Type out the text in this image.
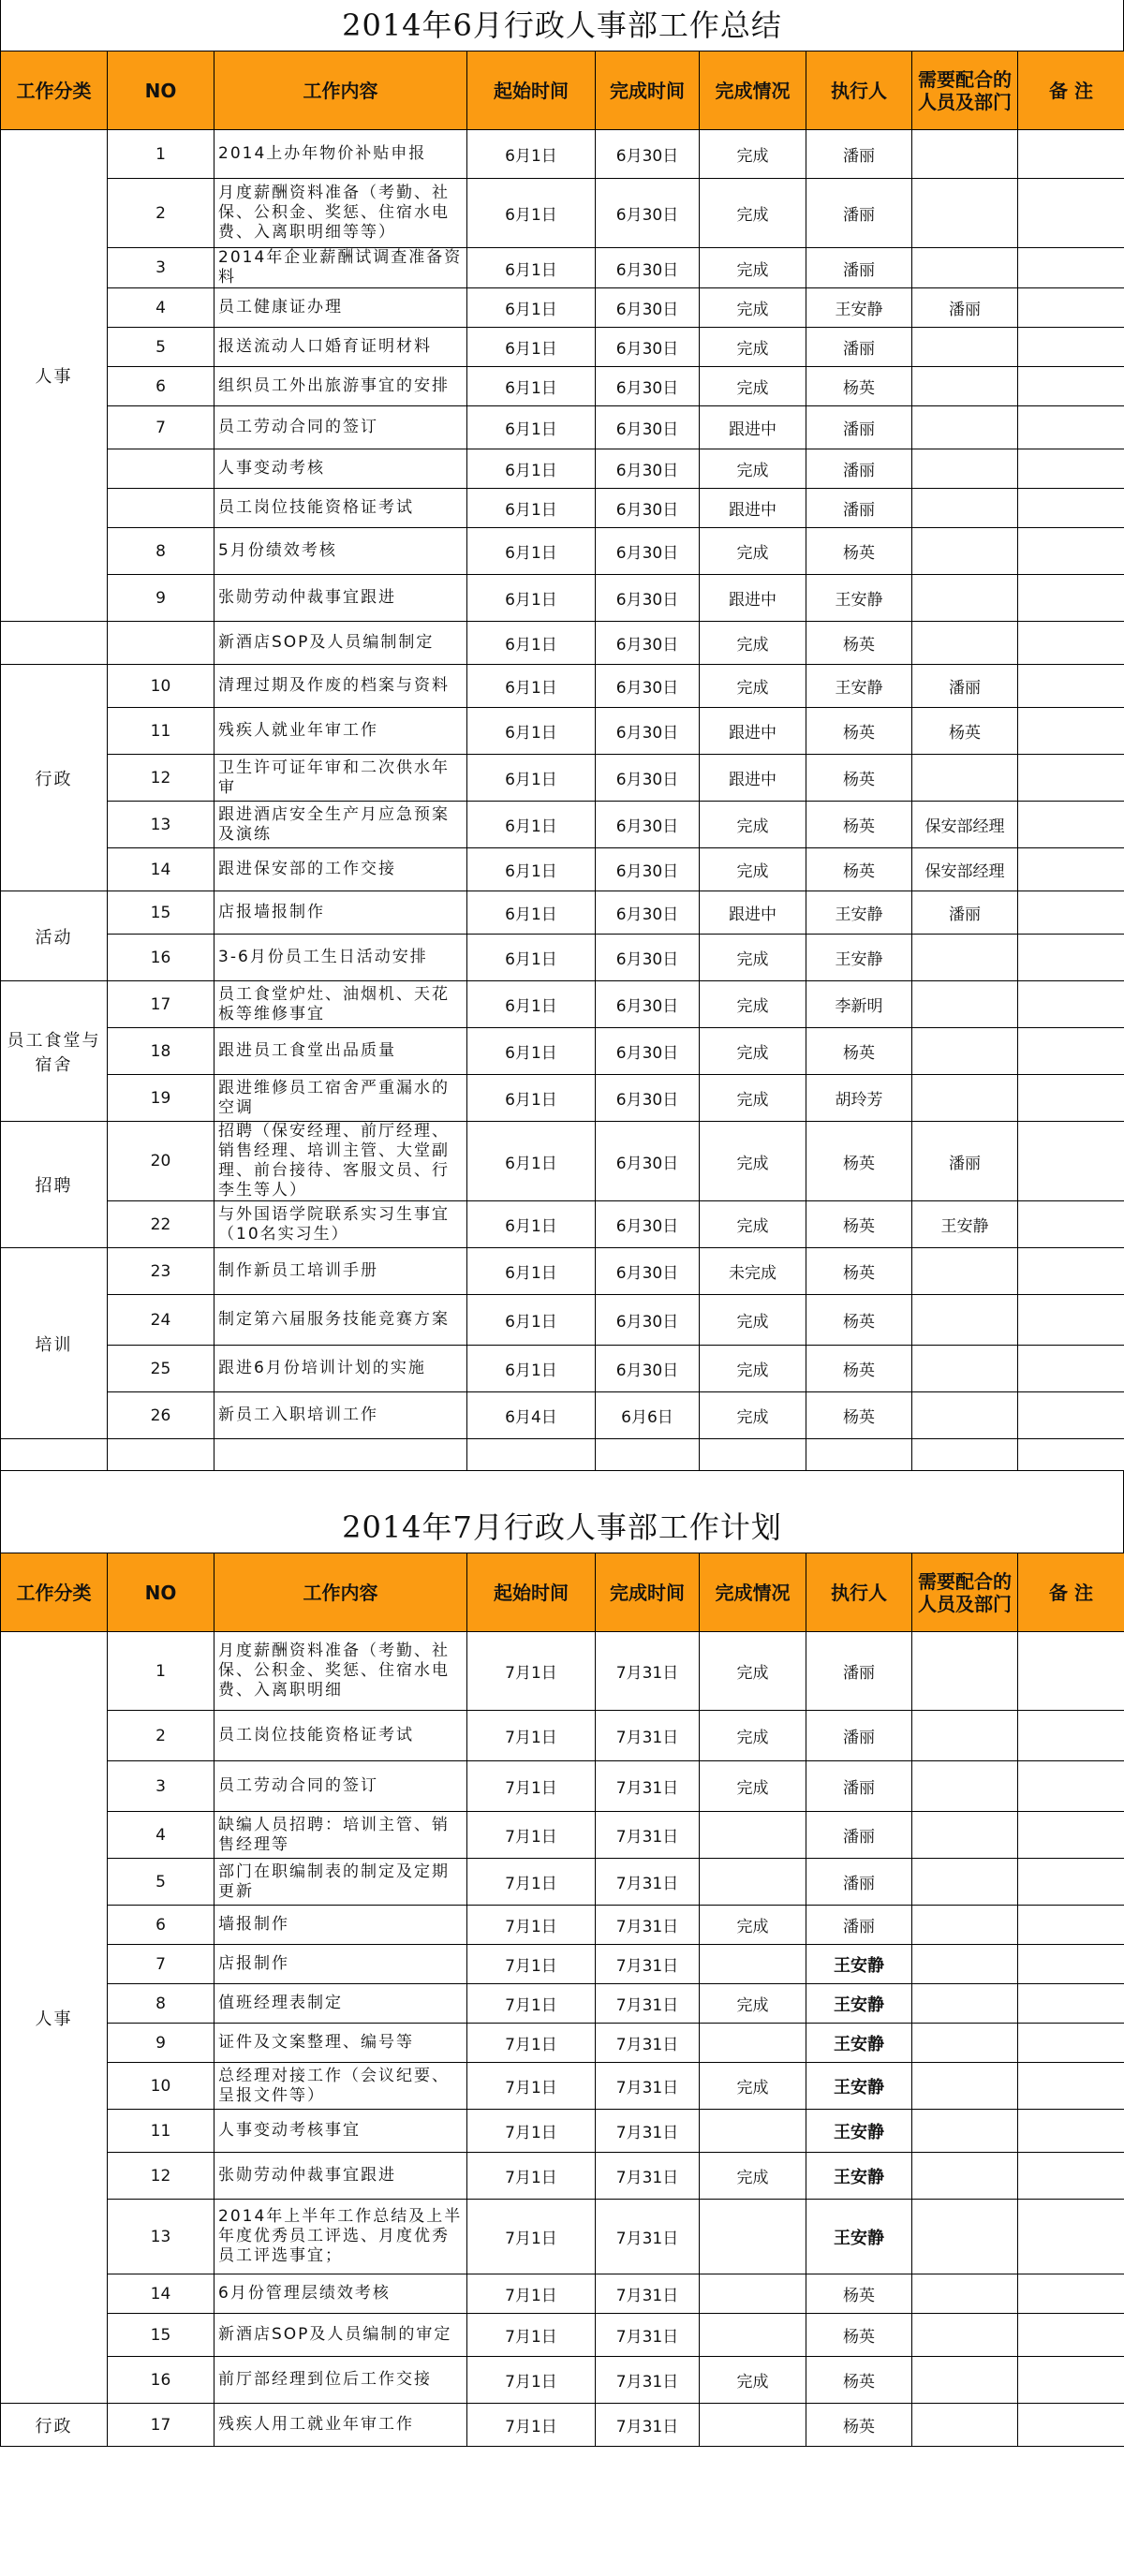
2014年6月行政人事部工作总结
工作分类	NO	工作内容	起始时间	完成时间	完成情况	执行人	需要配合的人员及部门	备 注
人事	1	2014上办年物价补贴申报	6月1日	6月30日	完成	潘丽		
	2	月度薪酬资料准备（考勤、社保、公积金、奖惩、住宿水电费、入离职明细等等）	6月1日	6月30日	完成	潘丽		
	3	2014年企业薪酬试调查准备资料	6月1日	6月30日	完成	潘丽		
	4	员工健康证办理	6月1日	6月30日	完成	王安静	潘丽	
	5	报送流动人口婚育证明材料	6月1日	6月30日	完成	潘丽		
	6	组织员工外出旅游事宜的安排	6月1日	6月30日	完成	杨英		
	7	员工劳动合同的签订	6月1日	6月30日	跟进中	潘丽		
		人事变动考核	6月1日	6月30日	完成	潘丽		
		员工岗位技能资格证考试	6月1日	6月30日	跟进中	潘丽		
	8	5月份绩效考核	6月1日	6月30日	完成	杨英		
	9	张勋劳动仲裁事宜跟进	6月1日	6月30日	跟进中	王安静		
		新酒店SOP及人员编制制定	6月1日	6月30日	完成	杨英		
行政	10	清理过期及作废的档案与资料	6月1日	6月30日	完成	王安静	潘丽	
	11	残疾人就业年审工作	6月1日	6月30日	跟进中	杨英	杨英	
	12	卫生许可证年审和二次供水年审	6月1日	6月30日	跟进中	杨英		
	13	跟进酒店安全生产月应急预案及演练	6月1日	6月30日	完成	杨英	保安部经理	
	14	跟进保安部的工作交接	6月1日	6月30日	完成	杨英	保安部经理	
活动	15	店报墙报制作	6月1日	6月30日	跟进中	王安静	潘丽	
	16	3-6月份员工生日活动安排	6月1日	6月30日	完成	王安静		
员工食堂与宿舍	17	员工食堂炉灶、油烟机、天花板等维修事宜	6月1日	6月30日	完成	李新明		
	18	跟进员工食堂出品质量	6月1日	6月30日	完成	杨英		
	19	跟进维修员工宿舍严重漏水的空调	6月1日	6月30日	完成	胡玲芳		
招聘	20	招聘（保安经理、前厅经理、销售经理、培训主管、大堂副理、前台接待、客服文员、行李生等人）	6月1日	6月30日	完成	杨英	潘丽	
	22	与外国语学院联系实习生事宜（10名实习生）	6月1日	6月30日	完成	杨英	王安静	
培训	23	制作新员工培训手册	6月1日	6月30日	未完成	杨英		
	24	制定第六届服务技能竞赛方案	6月1日	6月30日	完成	杨英		
	25	跟进6月份培训计划的实施	6月1日	6月30日	完成	杨英		
	26	新员工入职培训工作	6月4日	6月6日	完成	杨英		

2014年7月行政人事部工作计划
工作分类	NO	工作内容	起始时间	完成时间	完成情况	执行人	需要配合的人员及部门	备 注
人事	1	月度薪酬资料准备（考勤、社保、公积金、奖惩、住宿水电费、入离职明细	7月1日	7月31日	完成	潘丽		
	2	员工岗位技能资格证考试	7月1日	7月31日	完成	潘丽		
	3	员工劳动合同的签订	7月1日	7月31日	完成	潘丽		
	4	缺编人员招聘：培训主管、销售经理等	7月1日	7月31日		潘丽		
	5	部门在职编制表的制定及定期更新	7月1日	7月31日		潘丽		
	6	墙报制作	7月1日	7月31日	完成	潘丽		
	7	店报制作	7月1日	7月31日		王安静		
	8	值班经理表制定	7月1日	7月31日	完成	王安静		
	9	证件及文案整理、编号等	7月1日	7月31日		王安静		
	10	总经理对接工作（会议纪要、呈报文件等）	7月1日	7月31日	完成	王安静		
	11	人事变动考核事宜	7月1日	7月31日		王安静		
	12	张勋劳动仲裁事宜跟进	7月1日	7月31日	完成	王安静		
	13	2014年上半年工作总结及上半年度优秀员工评选、月度优秀员工评选事宜；	7月1日	7月31日		王安静		
	14	6月份管理层绩效考核	7月1日	7月31日		杨英		
	15	新酒店SOP及人员编制的审定	7月1日	7月31日		杨英		
	16	前厅部经理到位后工作交接	7月1日	7月31日	完成	杨英		
行政	17	残疾人用工就业年审工作	7月1日	7月31日		杨英		
